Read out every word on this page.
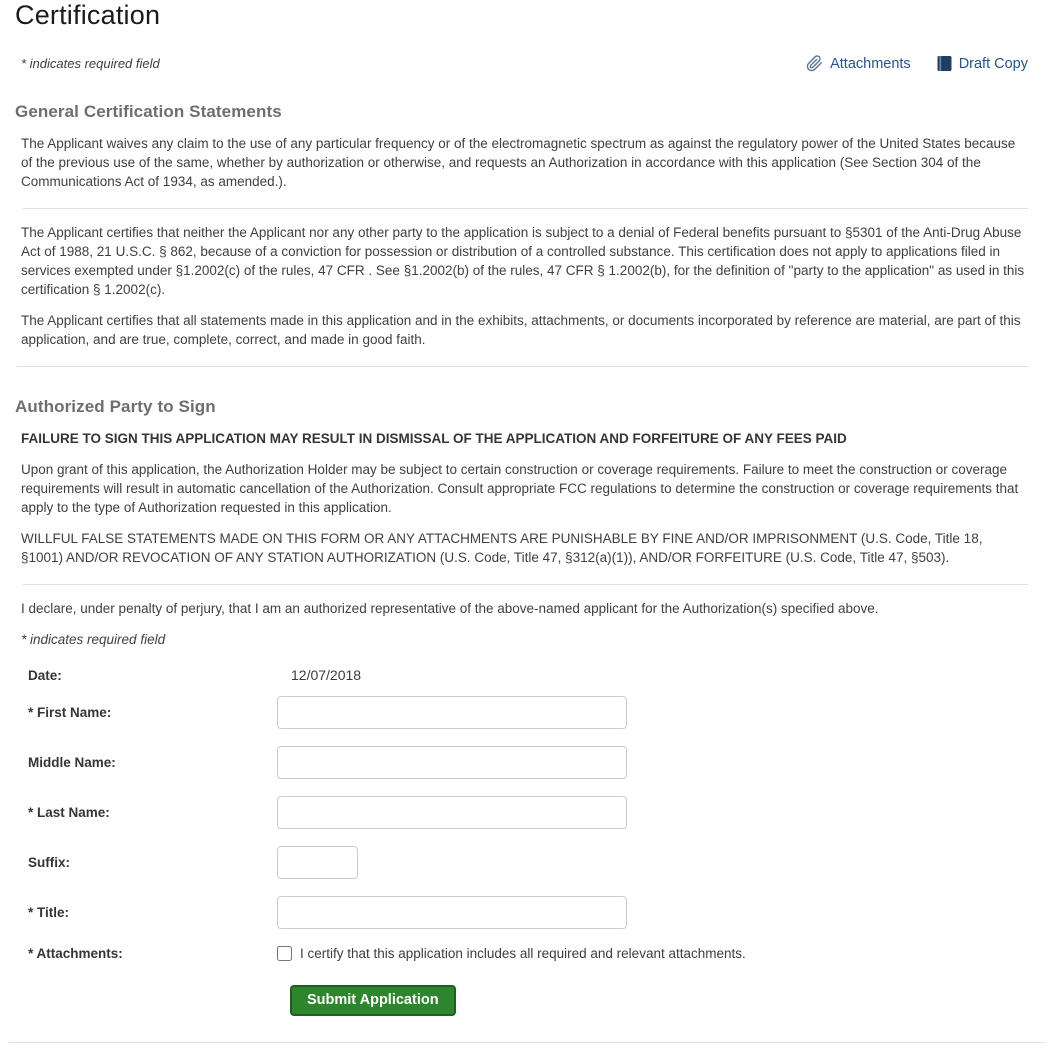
Certification
* indicates required field	Attachments	Draft Copy
General Certification Statements

The Applicant waives any claim to the use of any particular frequency or of the electromagnetic spectrum as against the regulatory power of the United States because of the previous use of the same, whether by authorization or otherwise, and requests an Authorization in accordance with this application (See Section 304 of the Communications Act of 1934, as amended.).

The Applicant certifies that neither the Applicant nor any other party to the application is subject to a denial of Federal benefits pursuant to §5301 of the Anti-Drug Abuse Act of 1988, 21 U.S.C. § 862, because of a conviction for possession or distribution of a controlled substance. This certification does not apply to applications filed in services exempted under §1.2002(c) of the rules, 47 CFR . See §1.2002(b) of the rules, 47 CFR § 1.2002(b), for the definition of "party to the application" as used in this certification § 1.2002(c).

The Applicant certifies that all statements made in this application and in the exhibits, attachments, or documents incorporated by reference are material, are part of this application, and are true, complete, correct, and made in good faith.

Authorized Party to Sign

FAILURE TO SIGN THIS APPLICATION MAY RESULT IN DISMISSAL OF THE APPLICATION AND FORFEITURE OF ANY FEES PAID

Upon grant of this application, the Authorization Holder may be subject to certain construction or coverage requirements. Failure to meet the construction or coverage requirements will result in automatic cancellation of the Authorization. Consult appropriate FCC regulations to determine the construction or coverage requirements that apply to the type of Authorization requested in this application.

WILLFUL FALSE STATEMENTS MADE ON THIS FORM OR ANY ATTACHMENTS ARE PUNISHABLE BY FINE AND/OR IMPRISONMENT (U.S. Code, Title 18, §1001) AND/OR REVOCATION OF ANY STATION AUTHORIZATION (U.S. Code, Title 47, §312(a)(1)), AND/OR FORFEITURE (U.S. Code, Title 47, §503).

I declare, under penalty of perjury, that I am an authorized representative of the above-named applicant for the Authorization(s) specified above.

* indicates required field

Date:	12/07/2018
* First Name:
Middle Name:
* Last Name:
Suffix:
* Title:
* Attachments:	I certify that this application includes all required and relevant attachments.
Submit Application
